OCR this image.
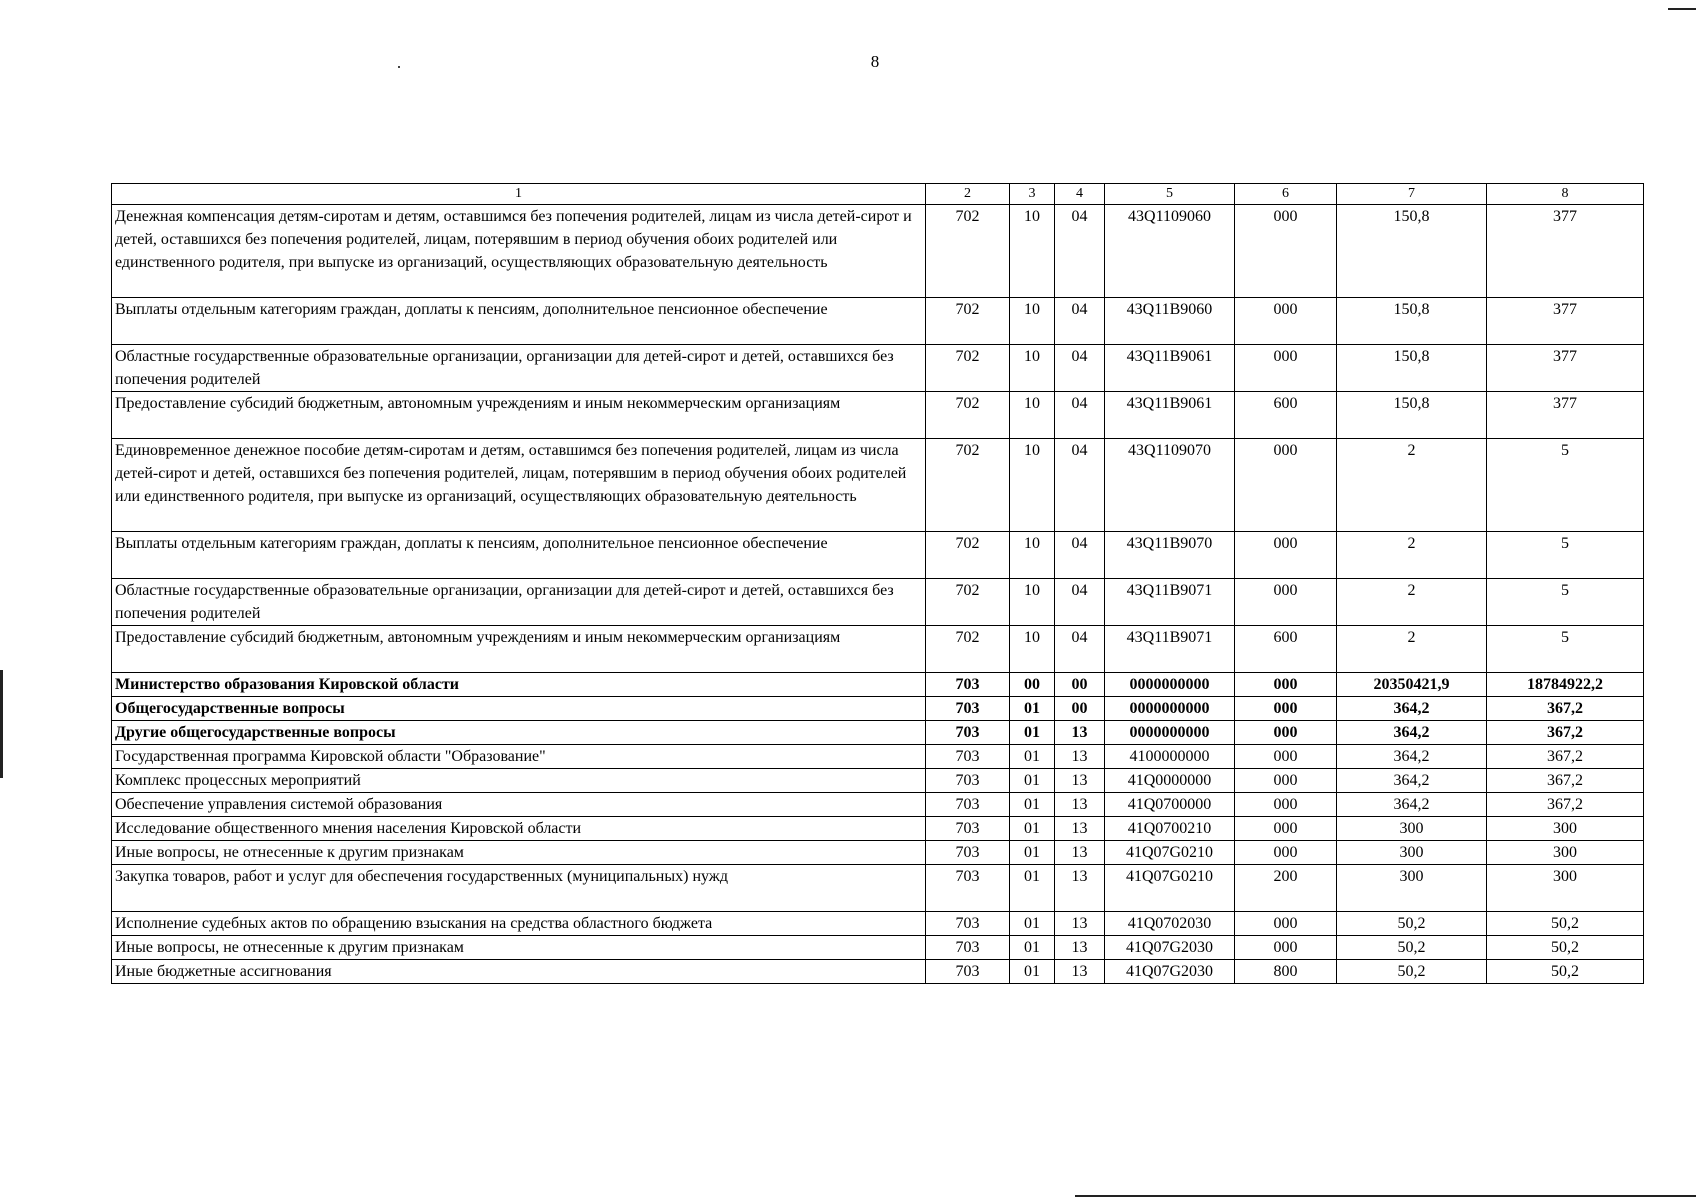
8
1	2	3	4	5	6	7	8
Денежная компенсация детям-сиротам и детям, оставшимся без попечения родителей, лицам из числа детей-сирот и детей, оставшихся без попечения родителей, лицам, потерявшим в период обучения обоих родителей или единственного родителя, при выпуске из организаций, осуществляющих образовательную деятельность	702	10	04	43Q1109060	000	150,8	377
Выплаты отдельным категориям граждан, доплаты к пенсиям, дополнительное пенсионное обеспечение	702	10	04	43Q11B9060	000	150,8	377
Областные государственные образовательные организации, организации для детей-сирот и детей, оставшихся без попечения родителей	702	10	04	43Q11B9061	000	150,8	377
Предоставление субсидий бюджетным, автономным учреждениям и иным некоммерческим организациям	702	10	04	43Q11B9061	600	150,8	377
Единовременное денежное пособие детям-сиротам и детям, оставшимся без попечения родителей, лицам из числа детей-сирот и детей, оставшихся без попечения родителей, лицам, потерявшим в период обучения обоих родителей или единственного родителя, при выпуске из организаций, осуществляющих образовательную деятельность	702	10	04	43Q1109070	000	2	5
Выплаты отдельным категориям граждан, доплаты к пенсиям, дополнительное пенсионное обеспечение	702	10	04	43Q11B9070	000	2	5
Областные государственные образовательные организации, организации для детей-сирот и детей, оставшихся без попечения родителей	702	10	04	43Q11B9071	000	2	5
Предоставление субсидий бюджетным, автономным учреждениям и иным некоммерческим организациям	702	10	04	43Q11B9071	600	2	5
Министерство образования Кировской области	703	00	00	0000000000	000	20350421,9	18784922,2
Общегосударственные вопросы	703	01	00	0000000000	000	364,2	367,2
Другие общегосударственные вопросы	703	01	13	0000000000	000	364,2	367,2
Государственная программа Кировской области "Образование"	703	01	13	4100000000	000	364,2	367,2
Комплекс процессных мероприятий	703	01	13	41Q0000000	000	364,2	367,2
Обеспечение управления системой образования	703	01	13	41Q0700000	000	364,2	367,2
Исследование общественного мнения населения Кировской области	703	01	13	41Q0700210	000	300	300
Иные вопросы, не отнесенные к другим признакам	703	01	13	41Q07G0210	000	300	300
Закупка товаров, работ и услуг для обеспечения государственных (муниципальных) нужд	703	01	13	41Q07G0210	200	300	300
Исполнение судебных актов по обращению взыскания на средства областного бюджета	703	01	13	41Q0702030	000	50,2	50,2
Иные вопросы, не отнесенные к другим признакам	703	01	13	41Q07G2030	000	50,2	50,2
Иные бюджетные ассигнования	703	01	13	41Q07G2030	800	50,2	50,2
